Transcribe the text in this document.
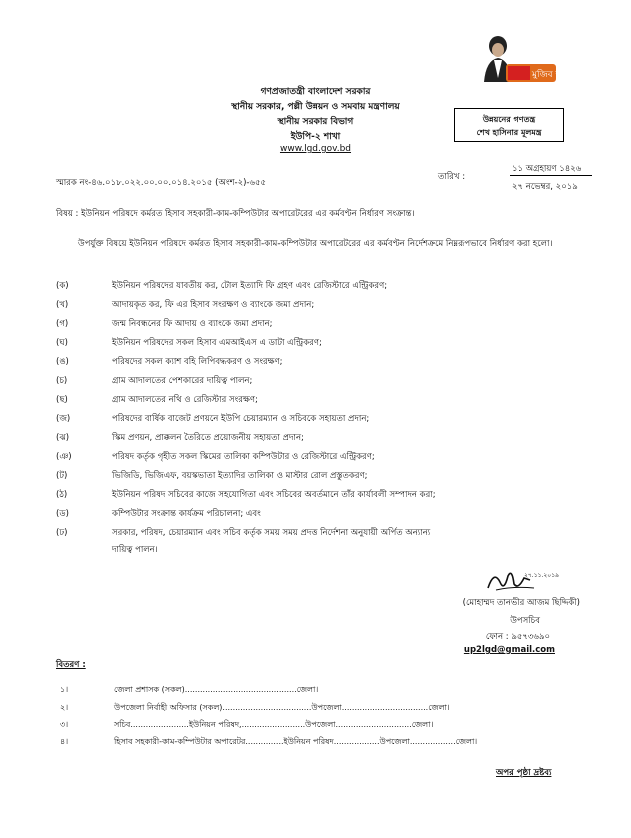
গণপ্রজাতন্ত্রী বাংলাদেশ সরকার
স্থানীয় সরকার, পল্লী উন্নয়ন ও সমবায় মন্ত্রণালয়
স্থানীয় সরকার বিভাগ
ইউপি-২ শাখা
www.lgd.gov.bd
মুজিব শতবর্ষ
উন্নয়নের গণতন্ত্র
শেখ হাসিনার মূলমন্ত্র
স্মারক নং-৪৬.০১৮.০২২.০০.০০.০১৪.২০১৫ (অংশ-২)-৬৫৫
তারিখ :
১১ অগ্রহায়ণ ১৪২৬
২৭ নভেম্বর, ২০১৯
বিষয় : ইউনিয়ন পরিষদে কর্মরত হিসাব সহকারী-কাম-কম্পিউটার অপারেটরের এর কর্মবণ্টন নির্ধারণ সংক্রান্ত।
উপর্যুক্ত বিষয়ে ইউনিয়ন পরিষদে কর্মরত হিসাব সহকারী-কাম-কম্পিউটার অপারেটরের এর কর্মবণ্টন নির্দেশক্রমে নিম্নরূপভাবে নির্ধারণ করা হলো।
(ক)	ইউনিয়ন পরিষদের যাবতীয় কর, টোল ইত্যাদি ফি গ্রহণ এবং রেজিস্টারে এন্ট্রিকরণ;
(খ)	আদায়কৃত কর, ফি এর হিসাব সংরক্ষণ ও ব্যাংকে জমা প্রদান;
(গ)	জন্ম নিবন্ধনের ফি আদায় ও ব্যাংকে জমা প্রদান;
(ঘ)	ইউনিয়ন পরিষদের সকল হিসাব এমআইএস এ ডাটা এন্ট্রিকরণ;
(ঙ)	পরিষদের সকল ক্যাশ বহি লিপিবদ্ধকরণ ও সংরক্ষণ;
(চ)	গ্রাম আদালতের পেশকারের দায়িত্ব পালন;
(ছ)	গ্রাম আদালতের নথি ও রেজিস্টার সংরক্ষণ;
(জ)	পরিষদের বার্ষিক বাজেট প্রণয়নে ইউপি চেয়ারম্যান ও সচিবকে সহায়তা প্রদান;
(ঝ)	স্কিম প্রণয়ন, প্রাক্কলন তৈরিতে প্রয়োজনীয় সহায়তা প্রদান;
(ঞ)	পরিষদ কর্তৃক গৃহীত সকল স্কিমের তালিকা কম্পিউটার ও রেজিস্টারে এন্ট্রিকরণ;
(ট)	ভিজিডি, ভিজিএফ, বয়স্কভাতা ইত্যাদির তালিকা ও মাস্টার রোল প্রস্তুতকরণ;
(ঠ)	ইউনিয়ন পরিষদ সচিবের কাজে সহযোগিতা এবং সচিবের অবর্তমানে তাঁর কার্যাবলী সম্পাদন করা;
(ড)	কম্পিউটার সংক্রান্ত কার্যক্রম পরিচালনা; এবং
(ঢ)	সরকার, পরিষদ, চেয়ারম্যান এবং সচিব কর্তৃক সময় সময় প্রদত্ত নির্দেশনা অনুযায়ী অর্পিত অন্যান্য
দায়িত্ব পালন।
২৭.১১.২০১৯
(মোহাম্মদ তানভীর আজম ছিদ্দিকী)
উপসচিব
ফোন : ৯৫৭৩৬৯০
up2lgd@gmail.com
বিতরণ :
১।	জেলা প্রশাসক (সকল)............................................জেলা।
২।	উপজেলা নির্বাহী অফিসার (সকল)...................................উপজেলা..................................জেলা।
৩।	সচিব.......................ইউনিয়ন পরিষদ,.........................উপজেলা..............................জেলা।
৪।	হিসাব সহকারী-কাম-কম্পিউটার অপারেটর...............ইউনিয়ন পরিষদ..................উপজেলা..................জেলা।
অপর পৃষ্ঠা দ্রষ্টব্য
